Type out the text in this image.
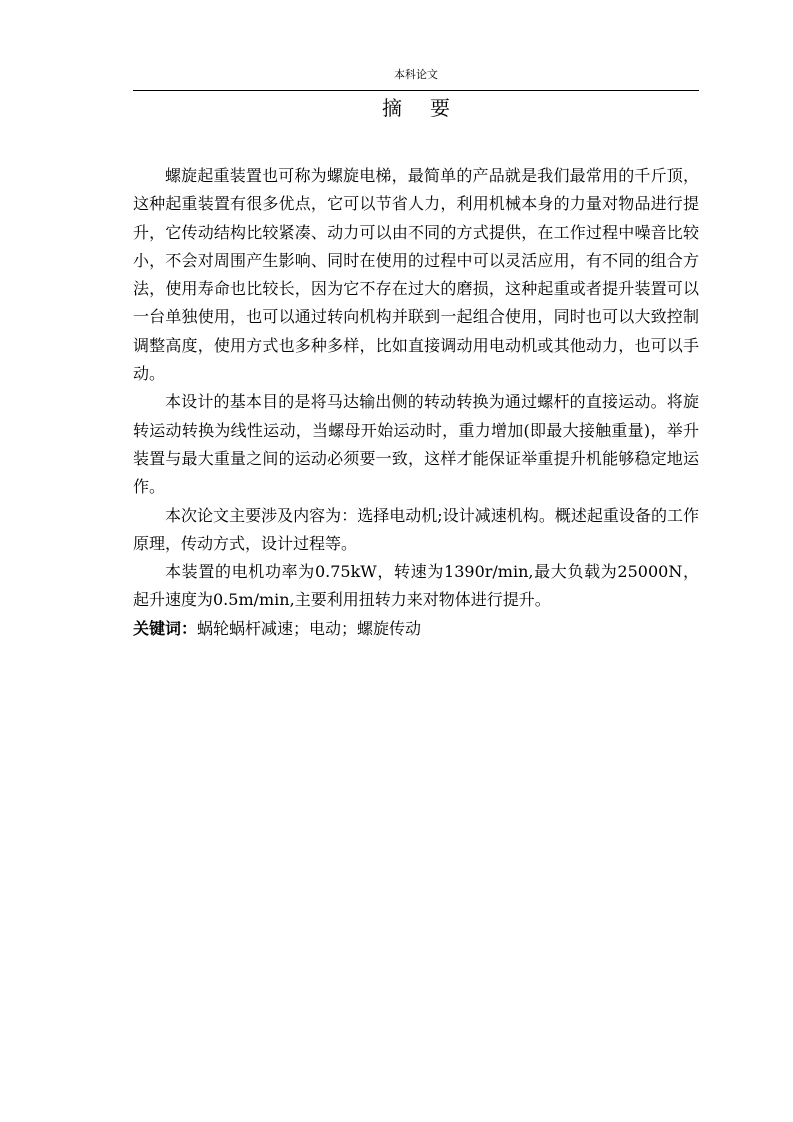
本科论文
摘要

螺旋起重装置也可称为螺旋电梯，最简单的产品就是我们最常用的千斤顶，这种起重装置有很多优点，它可以节省人力，利用机械本身的力量对物品进行提升，它传动结构比较紧凑、动力可以由不同的方式提供，在工作过程中噪音比较小，不会对周围产生影响、同时在使用的过程中可以灵活应用，有不同的组合方法，使用寿命也比较长，因为它不存在过大的磨损，这种起重或者提升装置可以一台单独使用，也可以通过转向机构并联到一起组合使用，同时也可以大致控制调整高度，使用方式也多种多样，比如直接调动用电动机或其他动力，也可以手动。

本设计的基本目的是将马达输出侧的转动转换为通过螺杆的直接运动。将旋转运动转换为线性运动，当螺母开始运动时，重力增加(即最大接触重量)，举升装置与最大重量之间的运动必须要一致，这样才能保证举重提升机能够稳定地运作。

本次论文主要涉及内容为：选择电动机;设计减速机构。概述起重设备的工作原理，传动方式，设计过程等。

本装置的电机功率为0.75kW，转速为1390r/min,最大负载为25000N，起升速度为0.5m/min,主要利用扭转力来对物体进行提升。

关键词：蜗轮蜗杆减速；电动；螺旋传动
